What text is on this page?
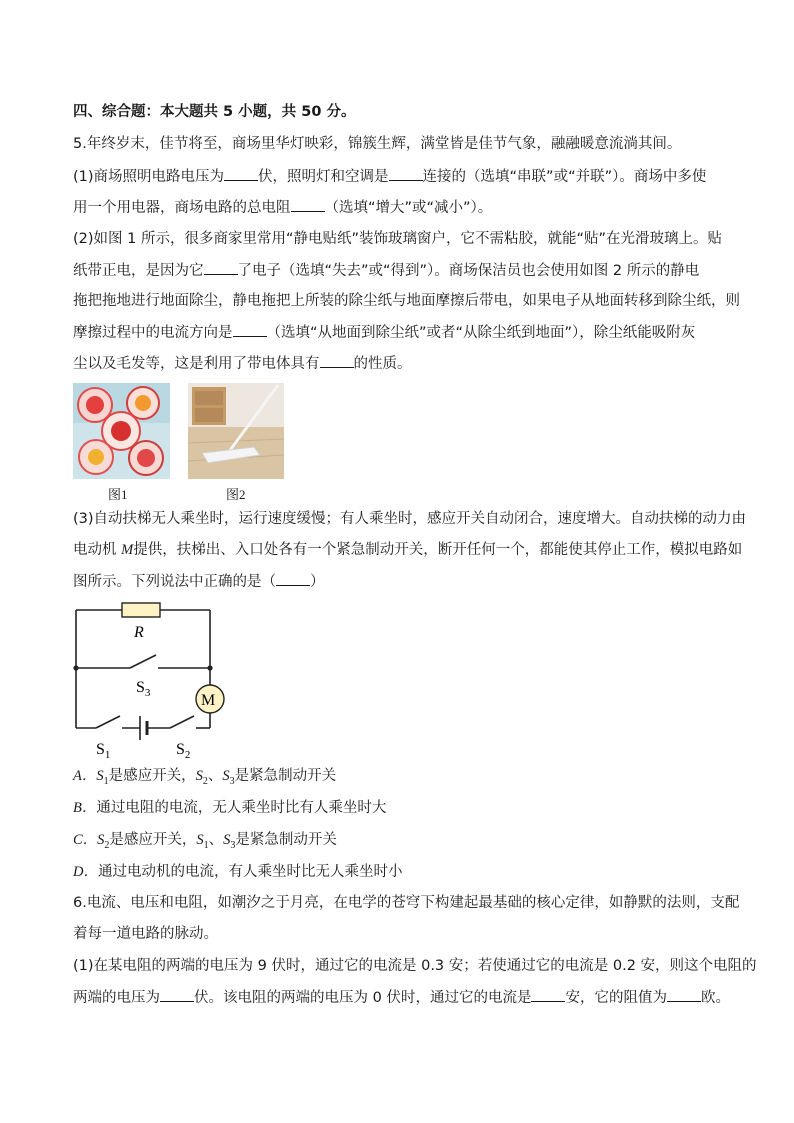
四、综合题：本大题共 5 小题，共 50 分。
5.年终岁末，佳节将至，商场里华灯映彩，锦簇生辉，满堂皆是佳节气象，融融暖意流淌其间。
(1)商场照明电路电压为 伏，照明灯和空调是 连接的（选填“串联”或“并联”）。商场中多使
用一个用电器，商场电路的总电阻 （选填“增大”或“减小”）。
(2)如图 1 所示，很多商家里常用“静电贴纸”装饰玻璃窗户，它不需粘胶，就能“贴”在光滑玻璃上。贴
纸带正电，是因为它 了电子（选填“失去”或“得到”）。商场保洁员也会使用如图 2 所示的静电
拖把拖地进行地面除尘，静电拖把上所装的除尘纸与地面摩擦后带电，如果电子从地面转移到除尘纸，则
摩擦过程中的电流方向是 （选填“从地面到除尘纸”或者“从除尘纸到地面”），除尘纸能吸附灰
尘以及毛发等，这是利用了带电体具有 的性质。
图1	图2
(3)自动扶梯无人乘坐时，运行速度缓慢；有人乘坐时，感应开关自动闭合，速度增大。自动扶梯的动力由
电动机 M提供，扶梯出、入口处各有一个紧急制动开关，断开任何一个，都能使其停止工作，模拟电路如
图所示。下列说法中正确的是（ ）
R
$S_3$	M
$S_1$	$S_2$
A．$S_1$是感应开关，$S_2$、$S_3$是紧急制动开关
B．通过电阻的电流，无人乘坐时比有人乘坐时大
C．$S_2$是感应开关，$S_1$、$S_3$是紧急制动开关
D．通过电动机的电流，有人乘坐时比无人乘坐时小
6.电流、电压和电阻，如潮汐之于月亮，在电学的苍穹下构建起最基础的核心定律，如静默的法则，支配
着每一道电路的脉动。
(1)在某电阻的两端的电压为 9 伏时，通过它的电流是 0.3 安；若使通过它的电流是 0.2 安，则这个电阻的
两端的电压为 伏。该电阻的两端的电压为 0 伏时，通过它的电流是 安，它的阻值为 欧。
